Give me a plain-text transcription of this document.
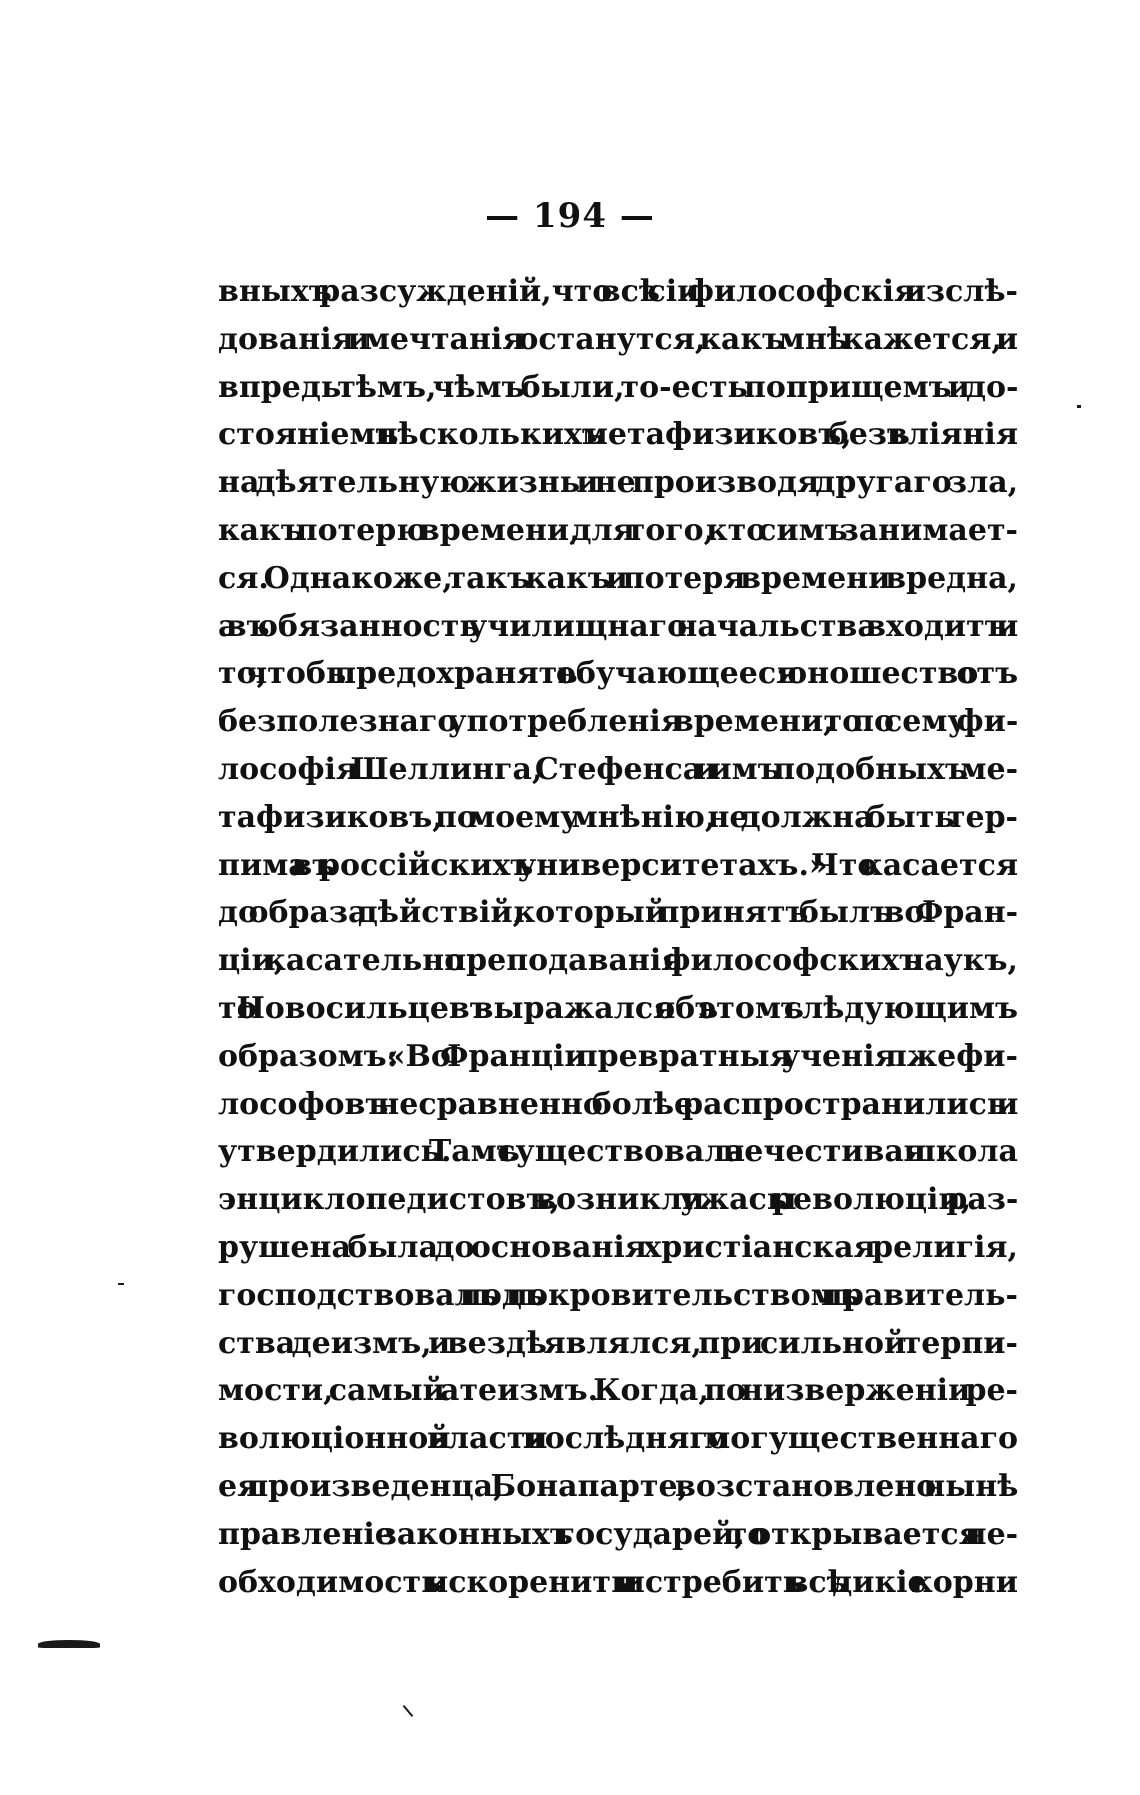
— 194 —
вныхъ разсужденій,что всѣ сіи философскія изслѣ-
дованія и мечтанія останутся, какъ мнѣ кажется, и
впредь тѣмъ, чѣмъ были, то-есть поприщемъ и до-
стояніемъ нѣсколькихъ метафизиковъ, безъ вліянія
на дѣятельную жизнь и не производя другаго зла,
какъ потерю времени, для того, кто симъ занимает-
ся. Однакоже, такъ какъ и потеря времени вредна,
а въ обязанность училищнаго начальства входитъ и
то, чтобы предохранять обучающееся юношество отъ
безполезнаго употребленія времени, то по сему фи-
лософія Шеллинга, Стефенса и имъ подобныхъ ме-
тафизиковъ, по моему мнѣнію, не должна быть тер-
пима въ россійскихъ университетахъ.» Что касается
до образа дѣйствій, который принятъ былъ во Фран-
ціи, касательно преподаванія философскихъ наукъ,
то Новосильцевъ выражался объ этомъ слѣдующимъ
образомъ: «Во Франціи превратныя ученія лжефи-
лософовъ несравненно болѣе распространились и
утвердились. Тамъ существовала нечестивая школа
энциклопедистовъ, возникли ужасы революціи, раз-
рушена была до основанія христіанская религія,
господствовалъ подъ покровительствомъ правитель-
ства деизмъ, и вездѣ являлся, при сильной терпи-
мости, самый атеизмъ. Когда, по низверженіи ре-
волюціонной власти и послѣдняго могущественнаго
ея произведенца, Бонапарте, возстановлено нынѣ
правленіе законныхъ государей, то открывается не-
обходимость искоренить и истребить всѣ дикіе корни
